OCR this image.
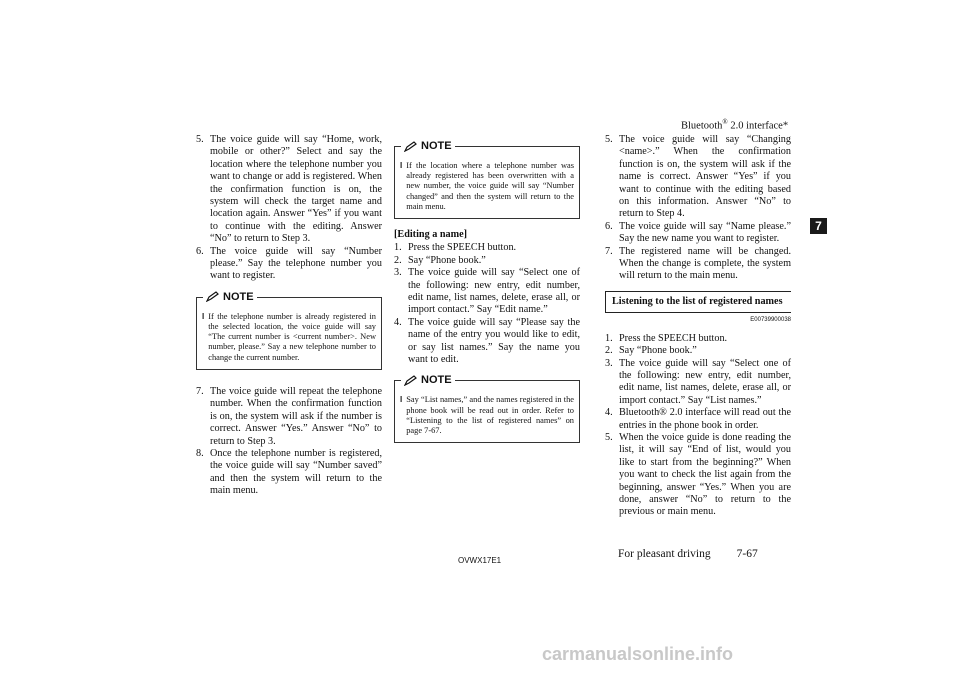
Bluetooth® 2.0 interface*
7
5. The voice guide will say “Home, work, mobile or other?” Select and say the location where the telephone number you want to change or add is registered. When the confirmation function is on, the system will check the target name and location again. Answer “Yes” if you want to continue with the editing. Answer “No” to return to Step 3.

6. The voice guide will say “Number please.” Say the telephone number you want to register.

NOTE
l If the telephone number is already registered in the selected location, the voice guide will say “The current number is <current number>. New number, please.” Say a new telephone number to change the current number.
7. The voice guide will repeat the telephone number. When the confirmation function is on, the system will ask if the number is correct. Answer “Yes.” Answer “No” to return to Step 3.

8. Once the telephone number is registered, the voice guide will say “Number saved” and then the system will return to the main menu.

NOTE
l If the location where a telephone number was already registered has been overwritten with a new number, the voice guide will say “Number changed” and then the system will return to the main menu.
[Editing a name]
1. Press the SPEECH button.

2. Say “Phone book.”

3. The voice guide will say “Select one of the following: new entry, edit number, edit name, list names, delete, erase all, or import contact.” Say “Edit name.”

4. The voice guide will say “Please say the name of the entry you would like to edit, or say list names.” Say the name you want to edit.

NOTE
l Say “List names,” and the names registered in the phone book will be read out in order. Refer to “Listening to the list of registered names” on page 7-67.
5. The voice guide will say “Changing <name>.” When the confirmation function is on, the system will ask if the name is correct. Answer “Yes” if you want to continue with the editing based on this information. Answer “No” to return to Step 4.

6. The voice guide will say “Name please.” Say the new name you want to register.

7. The registered name will be changed. When the change is complete, the system will return to the main menu.

Listening to the list of registered names
E00739900038
1. Press the SPEECH button.

2. Say “Phone book.”

3. The voice guide will say “Select one of the following: new entry, edit number, edit name, list names, delete, erase all, or import contact.” Say “List names.”

4. Bluetooth® 2.0 interface will read out the entries in the phone book in order.

5. When the voice guide is done reading the list, it will say “End of list, would you like to start from the beginning?” When you want to check the list again from the beginning, answer “Yes.” When you are done, answer “No” to return to the previous or main menu.

OVWX17E1
For pleasant driving 7-67
carmanualsonline.info
